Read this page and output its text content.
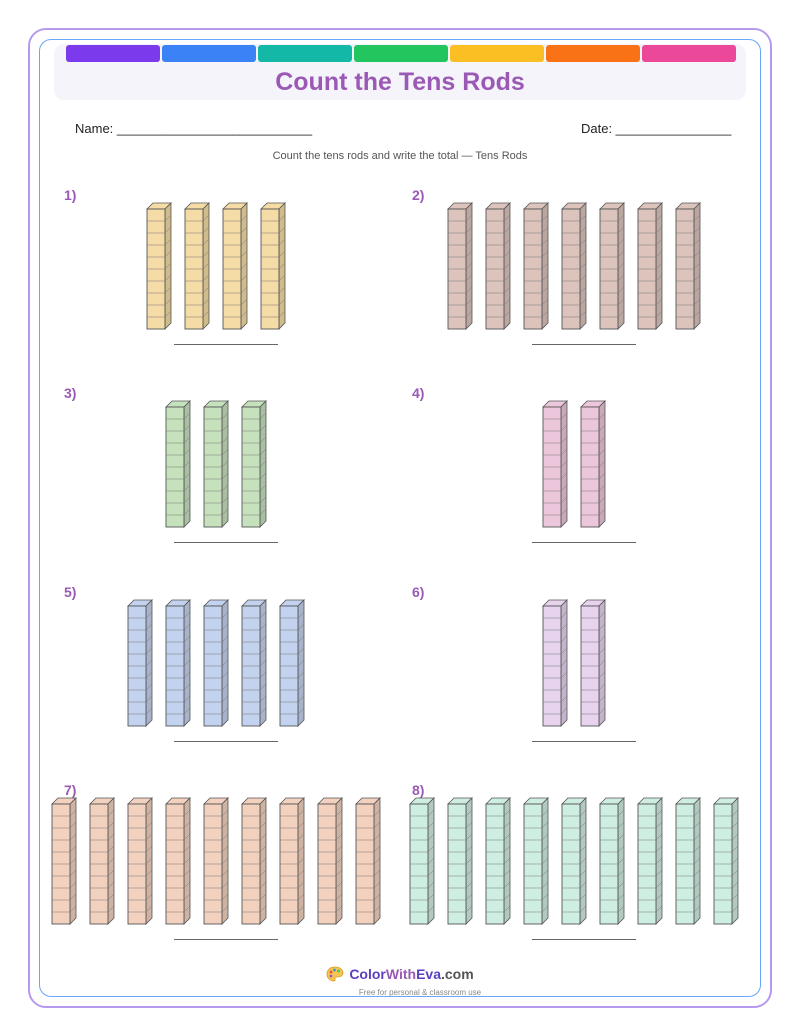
Count the Tens Rods
Name: ___________________________	Date: ________________
Count the tens rods and write the total — Tens Rods
1)	2)
3)	4)
5)	6)
7)	8)
ColorWithEva.com
Free for personal & classroom use
